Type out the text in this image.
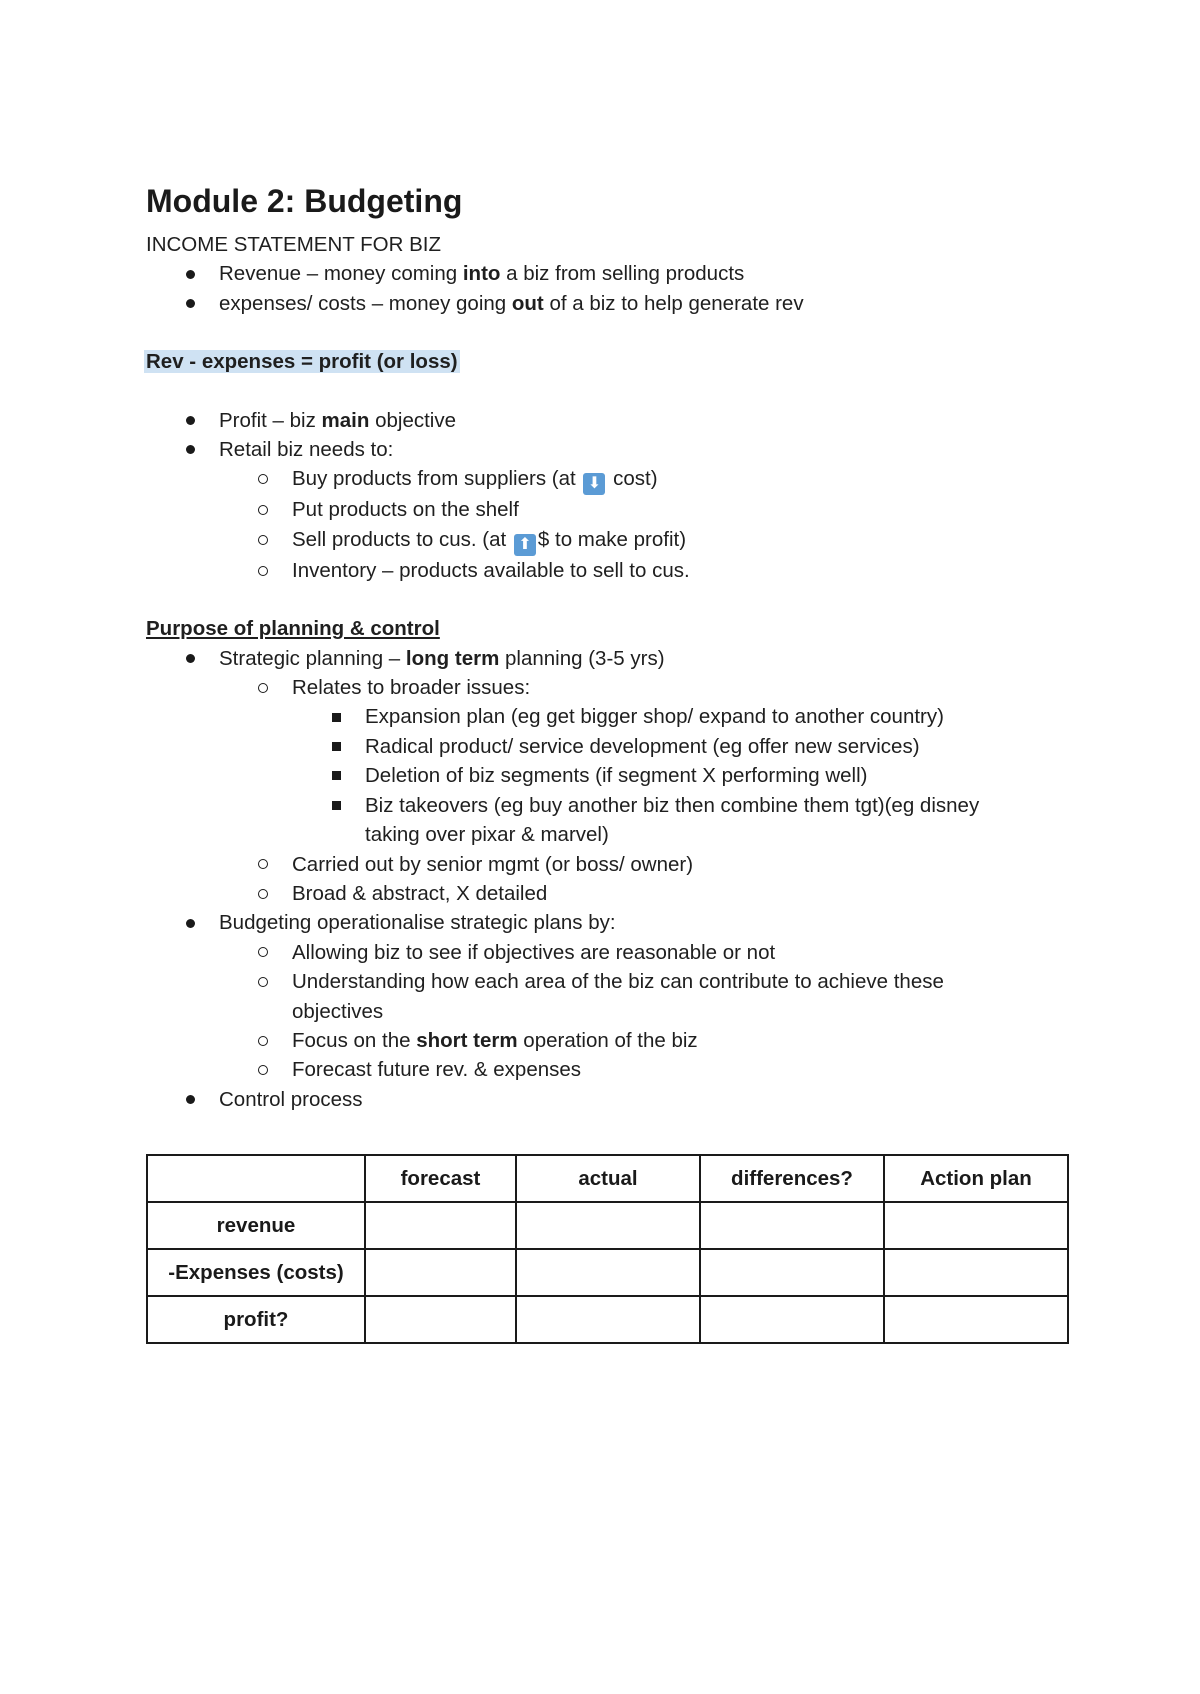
Module 2: Budgeting
INCOME STATEMENT FOR BIZ
Revenue – money coming into a biz from selling products
expenses/ costs – money going out of a biz to help generate rev
Rev - expenses = profit (or loss)
Profit – biz main objective
Retail biz needs to:
Buy products from suppliers (at ⬇ cost)
Put products on the shelf
Sell products to cus. (at ⬆ $ to make profit)
Inventory – products available to sell to cus.
Purpose of planning & control
Strategic planning – long term planning (3-5 yrs)
Relates to broader issues:
Expansion plan (eg get bigger shop/ expand to another country)
Radical product/ service development (eg offer new services)
Deletion of biz segments (if segment X performing well)
Biz takeovers (eg buy another biz then combine them tgt)(eg disney
taking over pixar & marvel)
Carried out by senior mgmt (or boss/ owner)
Broad & abstract, X detailed
Budgeting operationalise strategic plans by:
Allowing biz to see if objectives are reasonable or not
Understanding how each area of the biz can contribute to achieve these
objectives
Focus on the short term operation of the biz
Forecast future rev. & expenses
Control process
	forecast	actual	differences?	Action plan
revenue				
-Expenses (costs)				
profit?				
